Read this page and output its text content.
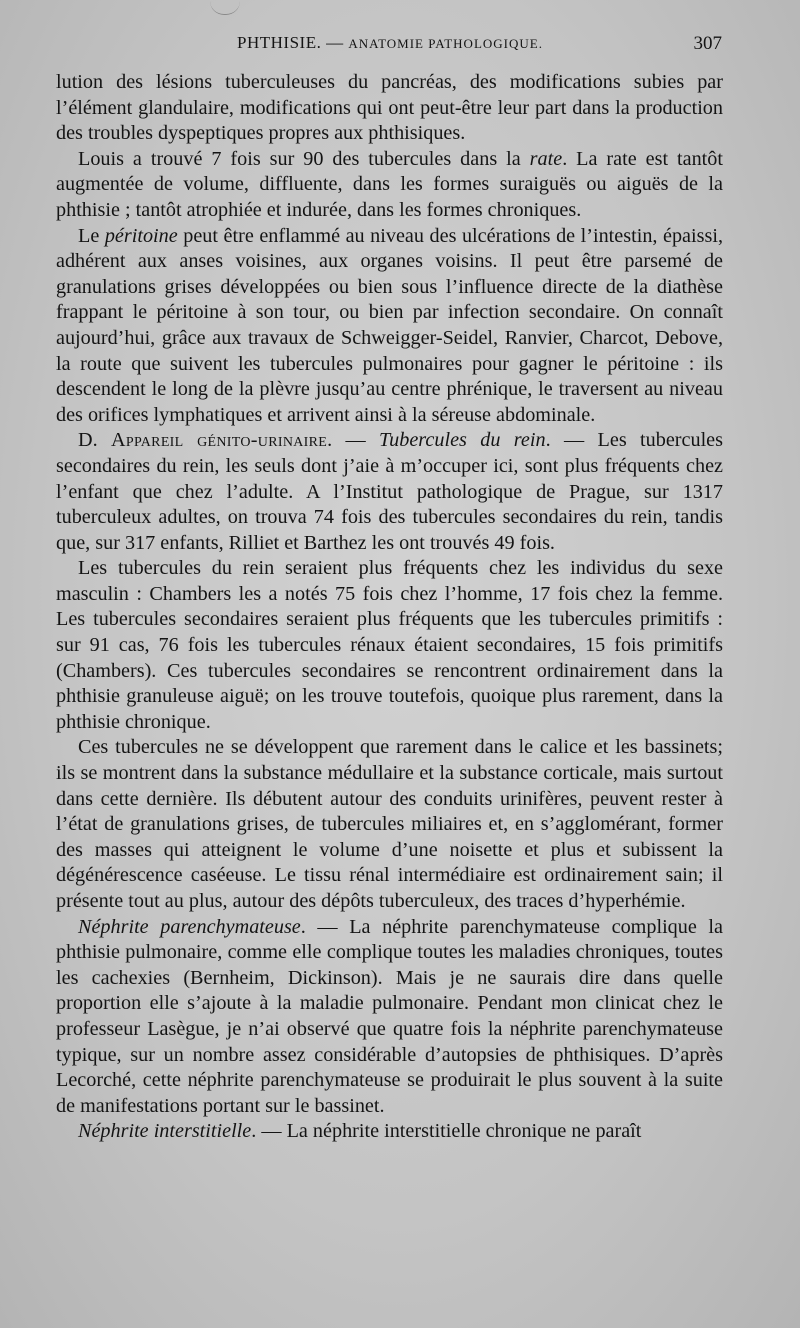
PHTHISIE. — ANATOMIE PATHOLOGIQUE.	307

lution des lésions tuberculeuses du pancréas, des modifications subies par l’élément glandulaire, modifications qui ont peut-être leur part dans la production des troubles dyspeptiques propres aux phthisiques.

Louis a trouvé 7 fois sur 90 des tubercules dans la rate. La rate est tantôt augmentée de volume, diffluente, dans les formes suraiguës ou aiguës de la phthisie ; tantôt atrophiée et indurée, dans les formes chroniques.

Le péritoine peut être enflammé au niveau des ulcérations de l’intestin, épaissi, adhérent aux anses voisines, aux organes voisins. Il peut être parsemé de granulations grises développées ou bien sous l’influence directe de la diathèse frappant le péritoine à son tour, ou bien par infection secondaire. On connaît aujourd’hui, grâce aux travaux de Schweigger-Seidel, Ranvier, Charcot, Debove, la route que suivent les tubercules pulmonaires pour gagner le péritoine : ils descendent le long de la plèvre jusqu’au centre phrénique, le traversent au niveau des orifices lymphatiques et arrivent ainsi à la séreuse abdominale.

D. Appareil génito-urinaire. — Tubercules du rein. — Les tubercules secondaires du rein, les seuls dont j’aie à m’occuper ici, sont plus fréquents chez l’enfant que chez l’adulte. A l’Institut pathologique de Prague, sur 1317 tuberculeux adultes, on trouva 74 fois des tubercules secondaires du rein, tandis que, sur 317 enfants, Rilliet et Barthez les ont trouvés 49 fois.

Les tubercules du rein seraient plus fréquents chez les individus du sexe masculin : Chambers les a notés 75 fois chez l’homme, 17 fois chez la femme. Les tubercules secondaires seraient plus fréquents que les tubercules primitifs : sur 91 cas, 76 fois les tubercules rénaux étaient secondaires, 15 fois primitifs (Chambers). Ces tubercules secondaires se rencontrent ordinairement dans la phthisie granuleuse aiguë; on les trouve toutefois, quoique plus rarement, dans la phthisie chronique.

Ces tubercules ne se développent que rarement dans le calice et les bassinets; ils se montrent dans la substance médullaire et la substance corticale, mais surtout dans cette dernière. Ils débutent autour des conduits urinifères, peuvent rester à l’état de granulations grises, de tubercules miliaires et, en s’agglomérant, former des masses qui atteignent le volume d’une noisette et plus et subissent la dégénérescence caséeuse. Le tissu rénal intermédiaire est ordinairement sain; il présente tout au plus, autour des dépôts tuberculeux, des traces d’hyperhémie.

Néphrite parenchymateuse. — La néphrite parenchymateuse complique la phthisie pulmonaire, comme elle complique toutes les maladies chroniques, toutes les cachexies (Bernheim, Dickinson). Mais je ne saurais dire dans quelle proportion elle s’ajoute à la maladie pulmonaire. Pendant mon clinicat chez le professeur Lasègue, je n’ai observé que quatre fois la néphrite parenchymateuse typique, sur un nombre assez considérable d’autopsies de phthisiques. D’après Lecorché, cette néphrite parenchymateuse se produirait le plus souvent à la suite de manifestations portant sur le bassinet.

Néphrite interstitielle. — La néphrite interstitielle chronique ne paraît
